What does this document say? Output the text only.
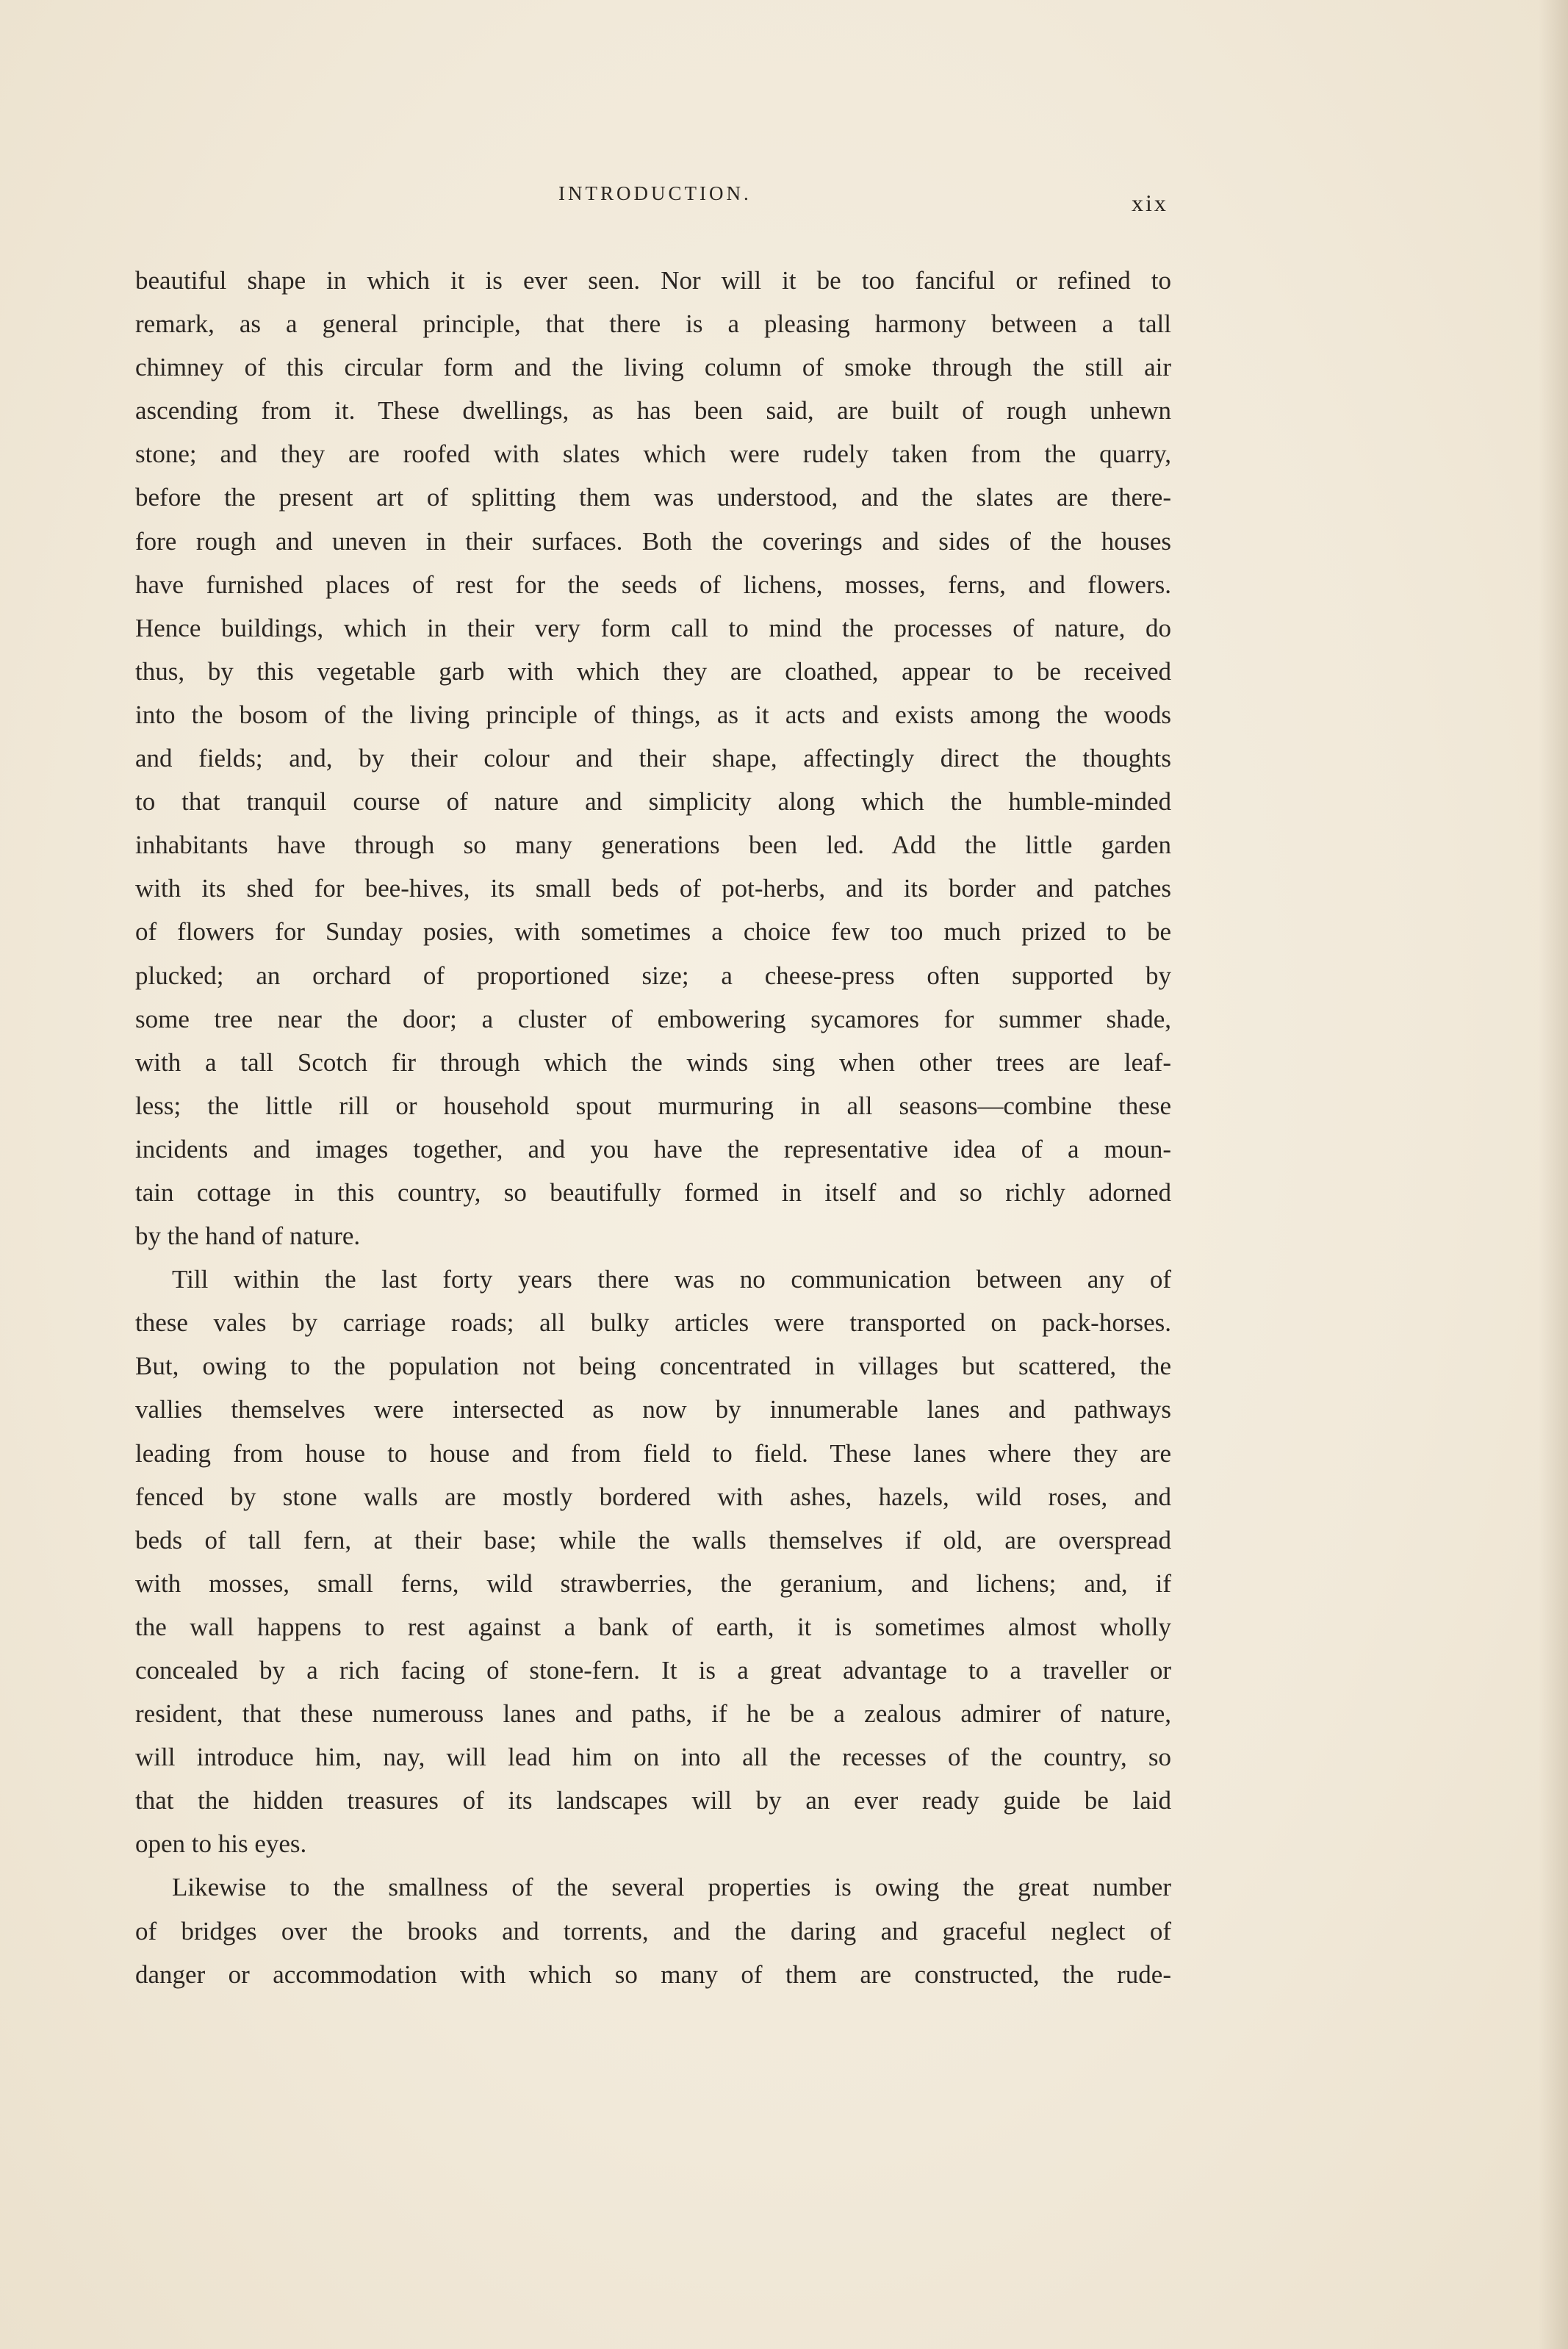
INTRODUCTION.	xix
beautiful shape in which it is ever seen. Nor will it be too fanciful or refined to
remark, as a general principle, that there is a pleasing harmony between a tall
chimney of this circular form and the living column of smoke through the still air
ascending from it. These dwellings, as has been said, are built of rough unhewn
stone; and they are roofed with slates which were rudely taken from the quarry,
before the present art of splitting them was understood, and the slates are there-
fore rough and uneven in their surfaces. Both the coverings and sides of the houses
have furnished places of rest for the seeds of lichens, mosses, ferns, and flowers.
Hence buildings, which in their very form call to mind the processes of nature, do
thus, by this vegetable garb with which they are cloathed, appear to be received
into the bosom of the living principle of things, as it acts and exists among the woods
and fields; and, by their colour and their shape, affectingly direct the thoughts
to that tranquil course of nature and simplicity along which the humble-minded
inhabitants have through so many generations been led. Add the little garden
with its shed for bee-hives, its small beds of pot-herbs, and its border and patches
of flowers for Sunday posies, with sometimes a choice few too much prized to be
plucked; an orchard of proportioned size; a cheese-press often supported by
some tree near the door; a cluster of embowering sycamores for summer shade,
with a tall Scotch fir through which the winds sing when other trees are leaf-
less; the little rill or household spout murmuring in all seasons—combine these
incidents and images together, and you have the representative idea of a moun-
tain cottage in this country, so beautifully formed in itself and so richly adorned
by the hand of nature.
Till within the last forty years there was no communication between any of
these vales by carriage roads; all bulky articles were transported on pack-horses.
But, owing to the population not being concentrated in villages but scattered, the
vallies themselves were intersected as now by innumerable lanes and pathways
leading from house to house and from field to field. These lanes where they are
fenced by stone walls are mostly bordered with ashes, hazels, wild roses, and
beds of tall fern, at their base; while the walls themselves if old, are overspread
with mosses, small ferns, wild strawberries, the geranium, and lichens; and, if
the wall happens to rest against a bank of earth, it is sometimes almost wholly
concealed by a rich facing of stone-fern. It is a great advantage to a traveller or
resident, that these numerouss lanes and paths, if he be a zealous admirer of nature,
will introduce him, nay, will lead him on into all the recesses of the country, so
that the hidden treasures of its landscapes will by an ever ready guide be laid
open to his eyes.
Likewise to the smallness of the several properties is owing the great number
of bridges over the brooks and torrents, and the daring and graceful neglect of
danger or accommodation with which so many of them are constructed, the rude-
